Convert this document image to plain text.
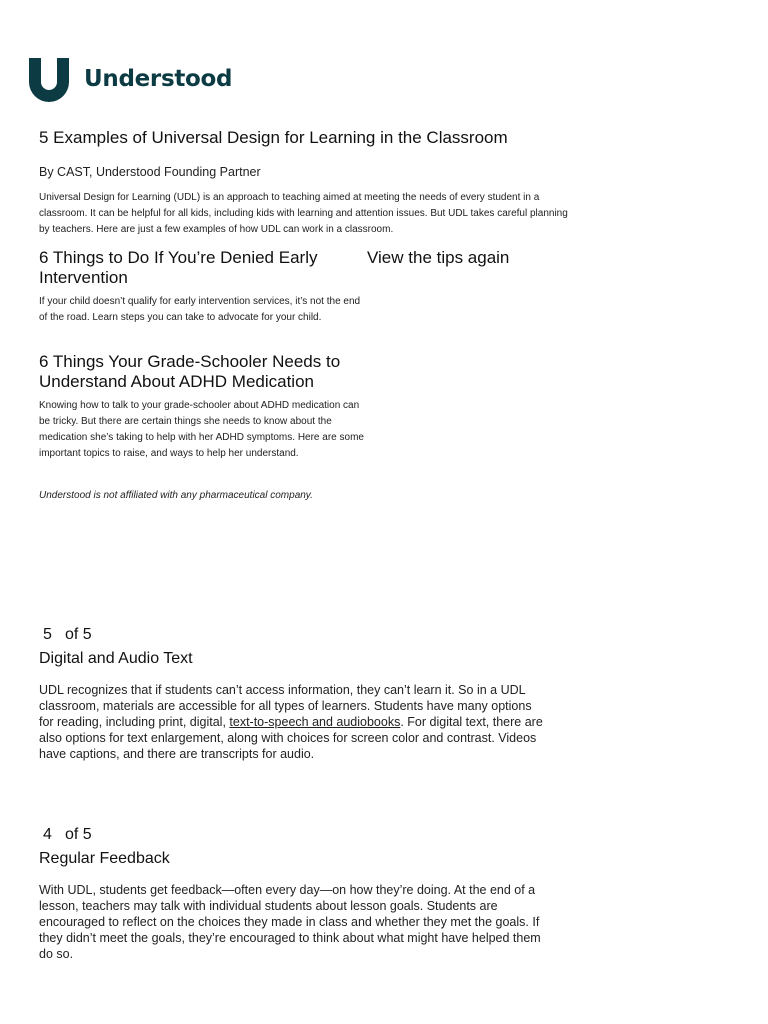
Understood
5 Examples of Universal Design for Learning in the Classroom
By CAST, Understood Founding Partner
Universal Design for Learning (UDL) is an approach to teaching aimed at meeting the needs of every student in a classroom. It can be helpful for all kids, including kids with learning and attention issues. But UDL takes careful planning by teachers. Here are just a few examples of how UDL can work in a classroom.
6 Things to Do If You’re Denied Early Intervention
If your child doesn’t qualify for early intervention services, it’s not the end of the road. Learn steps you can take to advocate for your child.
6 Things Your Grade-Schooler Needs to Understand About ADHD Medication
Knowing how to talk to your grade-schooler about ADHD medication can be tricky. But there are certain things she needs to know about the medication she’s taking to help with her ADHD symptoms. Here are some important topics to raise, and ways to help her understand.
Understood is not affiliated with any pharmaceutical company.
View the tips again
5 of 5
Digital and Audio Text
UDL recognizes that if students can’t access information, they can’t learn it. So in a UDL classroom, materials are accessible for all types of learners. Students have many options for reading, including print, digital, text-to-speech and audiobooks. For digital text, there are also options for text enlargement, along with choices for screen color and contrast. Videos have captions, and there are transcripts for audio.
4 of 5
Regular Feedback
With UDL, students get feedback—often every day—on how they’re doing. At the end of a lesson, teachers may talk with individual students about lesson goals. Students are encouraged to reflect on the choices they made in class and whether they met the goals. If they didn’t meet the goals, they’re encouraged to think about what might have helped them do so.
